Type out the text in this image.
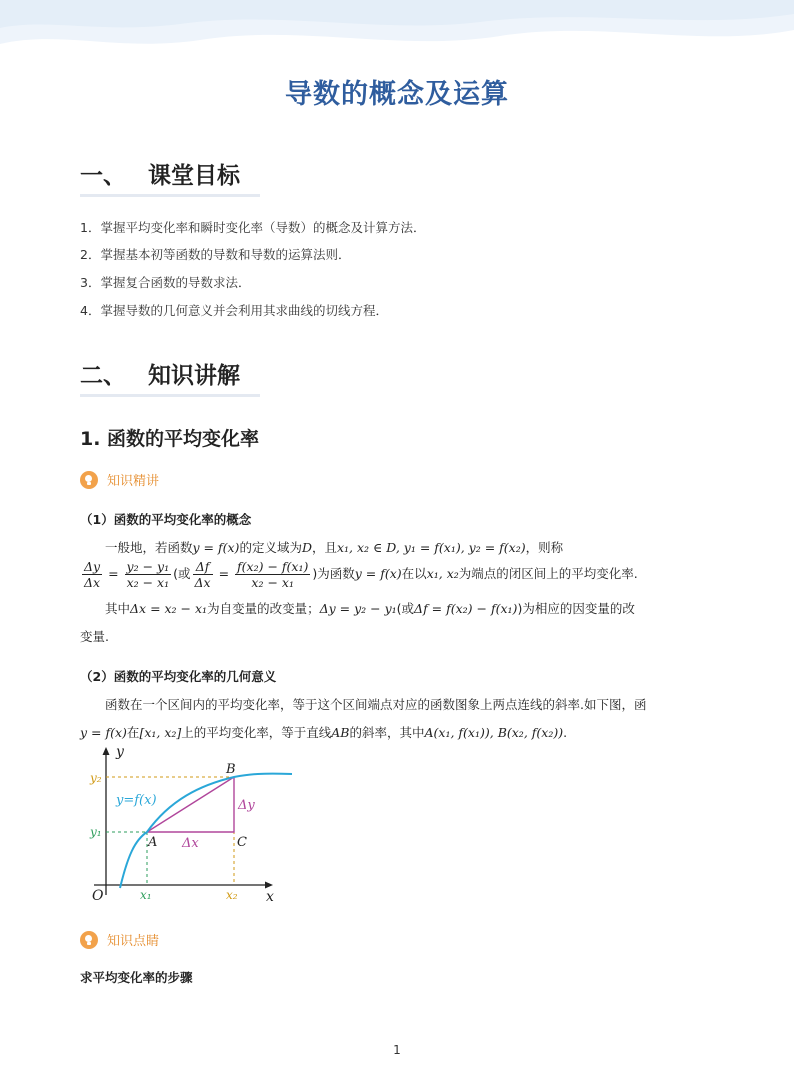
导数的概念及运算
一、 课堂目标
1．掌握平均变化率和瞬时变化率（导数）的概念及计算方法．
2．掌握基本初等函数的导数和导数的运算法则．
3．掌握复合函数的导数求法．
4．掌握导数的几何意义并会利用其求曲线的切线方程．
二、 知识讲解
1. 函数的平均变化率
知识精讲
（1）函数的平均变化率的概念
一般地，若函数y = f(x)的定义域为D，且x₁, x₂ ∈ D, y₁ = f(x₁), y₂ = f(x₂)，则称
$\frac{\Delta y}{\Delta x} = \frac{\text{y₂ − y₁}}{\text{x₂ − x₁}}$ (或 $\frac{\Delta f}{\Delta x} = \frac{\text{f(x₂) − f(x₁)}}{\text{x₂ − x₁}}$ )为函数y = f(x)在以x₁, x₂为端点的闭区间上的平均变化率.
其中Δx = x₂ − x₁为自变量的改变量；Δy = y₂ − y₁(或Δf = f(x₂) − f(x₁))为相应的因变量的改
变量.
（2）函数的平均变化率的几何意义
函数在一个区间内的平均变化率，等于这个区间端点对应的函数图象上两点连线的斜率.如下图，函
y = f(x)在[x₁, x₂]上的平均变化率，等于直线AB的斜率，其中A(x₁, f(x₁)), B(x₂, f(x₂)).
y
x
O
y₂
y₁
x₁	x₂
y=f(x)
A
B
C
Δx
Δy
知识点睛
求平均变化率的步骤
1
